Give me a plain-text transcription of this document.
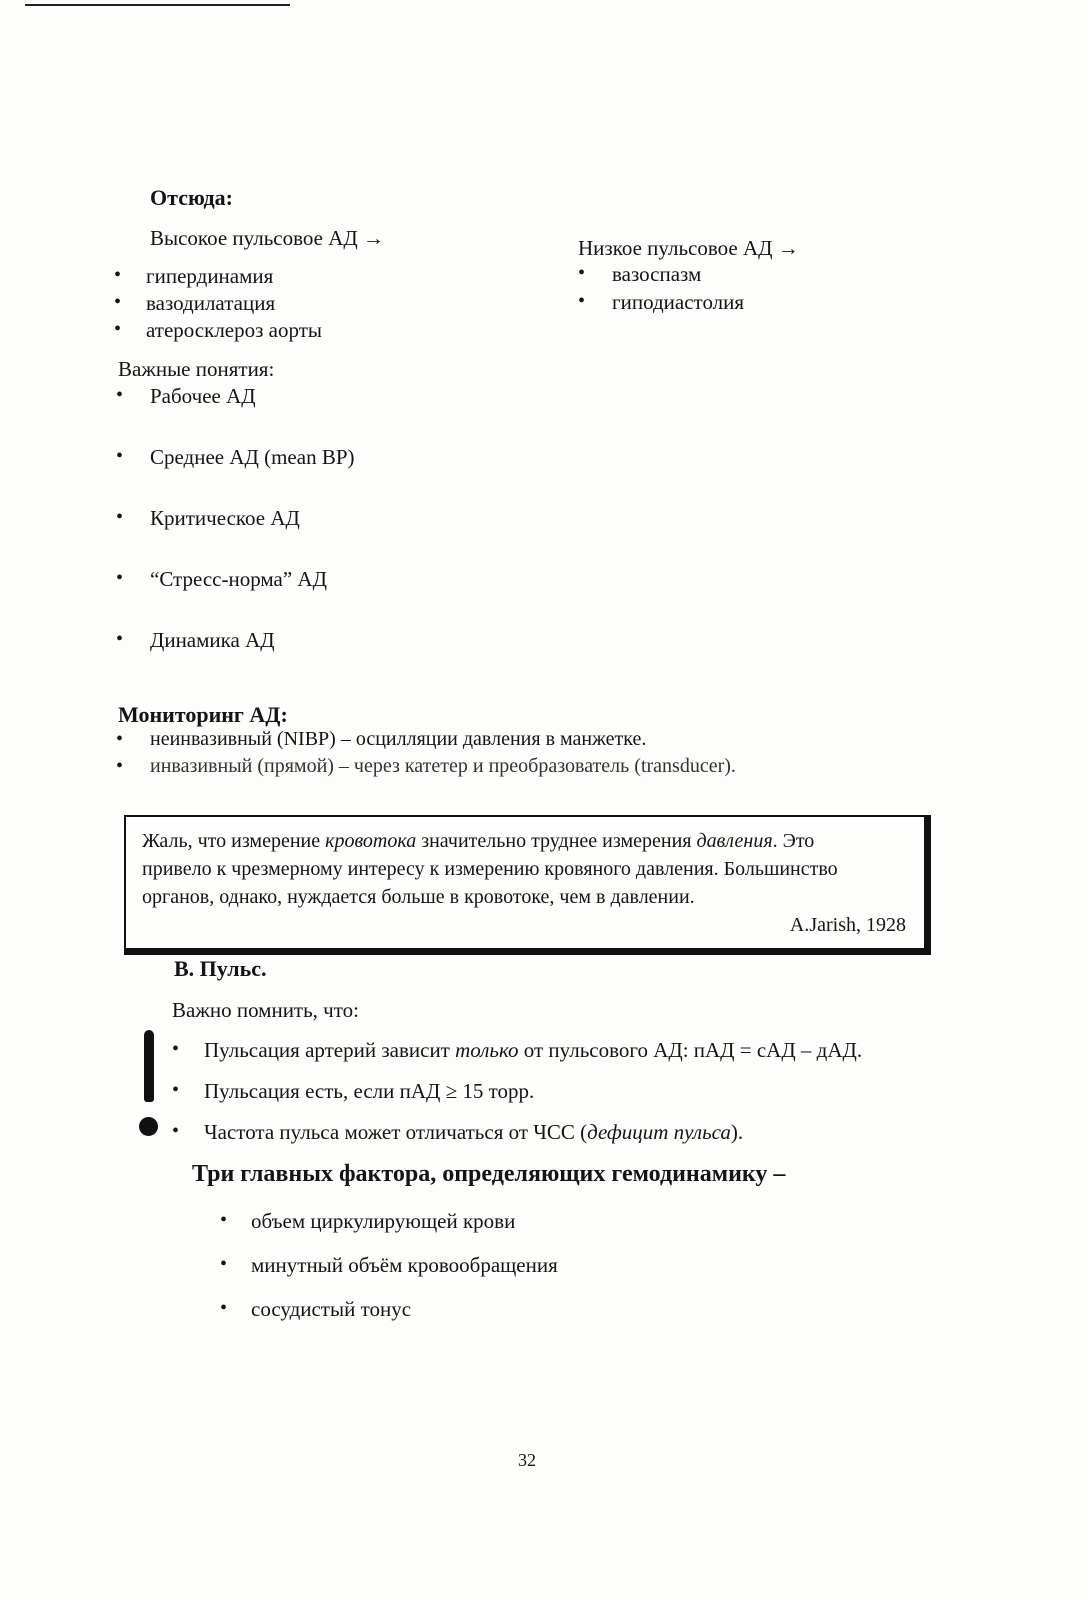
Отсюда:
Высокое пульсовое АД →
• гипердинамия
• вазодилатация
• атеросклероз аорты
Низкое пульсовое АД →
• вазоспазм
• гиподиастолия
Важные понятия:
• Рабочее АД
• Среднее АД (mean BP)
• Критическое АД
• “Стресс-норма” АД
• Динамика АД
Мониторинг АД:
• неинвазивный (NIBP) – осцилляции давления в манжетке.
• инвазивный (прямой) – через катетер и преобразователь (transducer).

Жаль, что измерение кровотока значительно труднее измерения давления. Это

привело к чрезмерному интересу к измерению кровяного давления. Большинство

органов, однако, нуждается больше в кровотоке, чем в давлении.

A.Jarish, 1928
B. Пульс.
Важно помнить, что:
• Пульсация артерий зависит только от пульсового АД: пАД = сАД – дАД.
• Пульсация есть, если пАД ≥ 15 торр.
• Частота пульса может отличаться от ЧСС (дефицит пульса).
Три главных фактора, определяющих гемодинамику –
• объем циркулирующей крови
• минутный объём кровообращения
• сосудистый тонус
32
